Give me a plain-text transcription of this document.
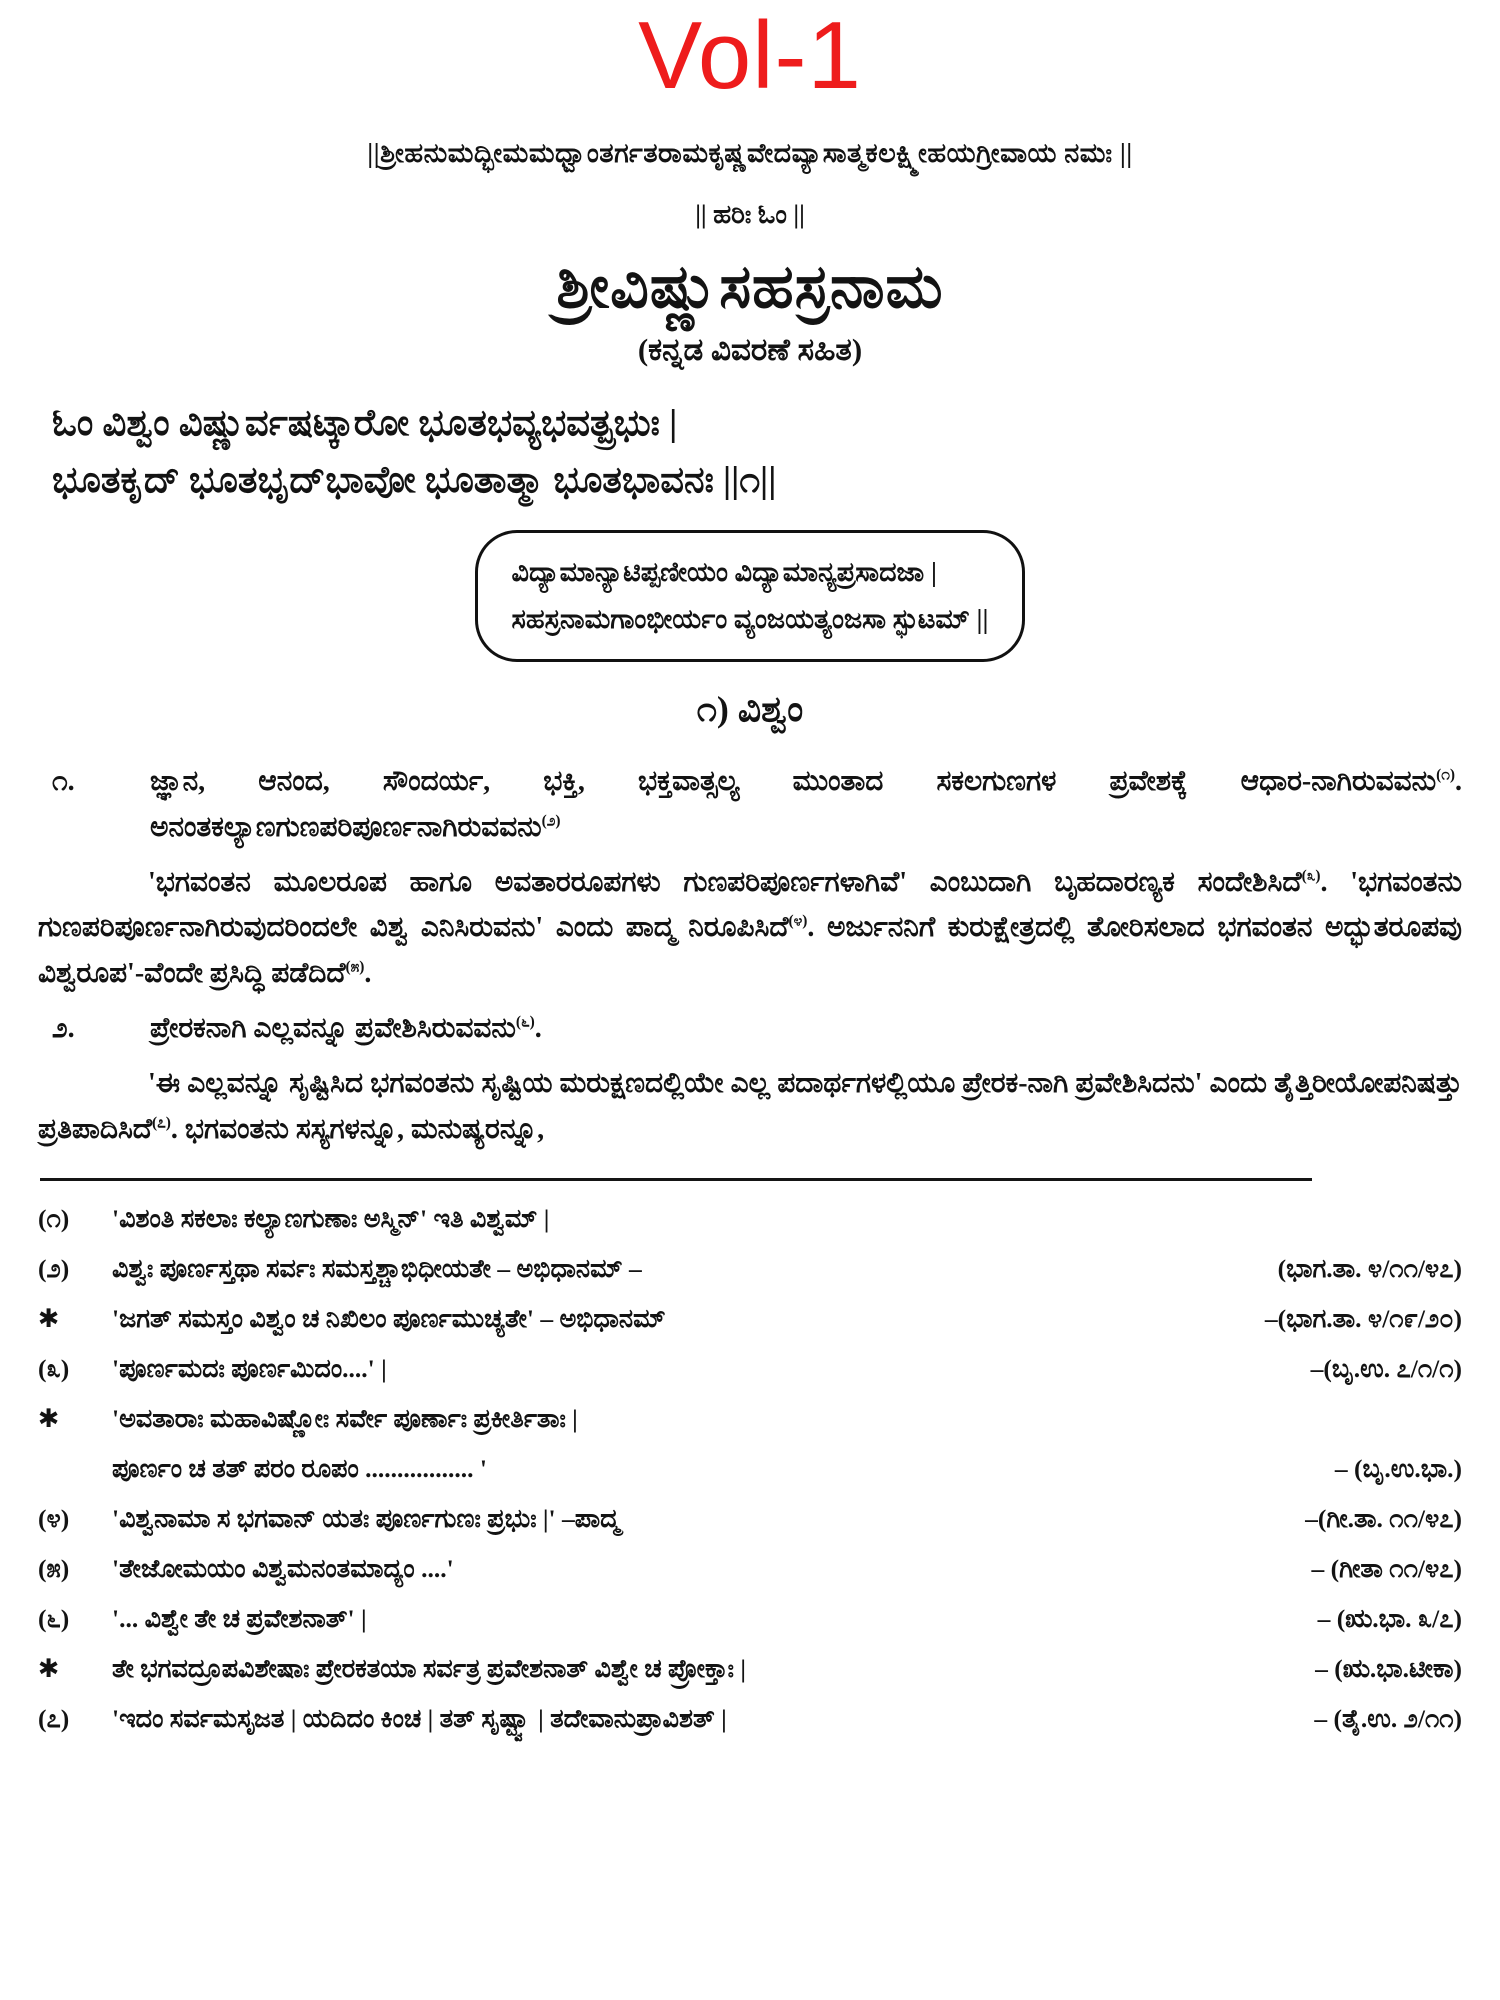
Vol-1
||ಶ್ರೀಹನುಮದ್ಭೀಮಮಧ್ವಾಂತರ್ಗತರಾಮಕೃಷ್ಣವೇದವ್ಯಾಸಾತ್ಮಕಲಕ್ಷ್ಮೀಹಯಗ್ರೀವಾಯ ನಮಃ ||
|| ಹರಿಃ ಓಂ ||
ಶ್ರೀವಿಷ್ಣುಸಹಸ್ರನಾಮ
(ಕನ್ನಡ ವಿವರಣೆ ಸಹಿತ)
ಓಂ ವಿಶ್ವಂ ವಿಷ್ಣುರ್ವಷಟ್ಕಾರೋ ಭೂತಭವ್ಯಭವತ್ಪ್ರಭುಃ |
ಭೂತಕೃದ್ ಭೂತಭೃದ್‌ಭಾವೋ ಭೂತಾತ್ಮಾ ಭೂತಭಾವನಃ ||೧||
ವಿದ್ಯಾಮಾನ್ಯಾಟಿಪ್ಪಣೀಯಂ ವಿದ್ಯಾಮಾನ್ಯಪ್ರಸಾದಜಾ |
ಸಹಸ್ರನಾಮಗಾಂಭೀರ್ಯಂ ವ್ಯಂಜಯತ್ಯಂಜಸಾ ಸ್ಫುಟಮ್ ||
೧) ವಿಶ್ವಂ
೧.	ಜ್ಞಾನ, ಆನಂದ, ಸೌಂದರ್ಯ, ಭಕ್ತಿ, ಭಕ್ತವಾತ್ಸಲ್ಯ ಮುಂತಾದ ಸಕಲಗುಣಗಳ ಪ್ರವೇಶಕ್ಕೆ ಆಧಾರ-ನಾಗಿರುವವನು$^{(೧)}$. ಅನಂತಕಲ್ಯಾಣಗುಣಪರಿಪೂರ್ಣನಾಗಿರುವವನು$^{(೨)}$
'ಭಗವಂತನ ಮೂಲರೂಪ ಹಾಗೂ ಅವತಾರರೂಪಗಳು ಗುಣಪರಿಪೂರ್ಣಗಳಾಗಿವೆ' ಎಂಬುದಾಗಿ ಬೃಹದಾರಣ್ಯಕ ಸಂದೇಶಿಸಿದೆ$^{(೩)}$. 'ಭಗವಂತನು ಗುಣಪರಿಪೂರ್ಣನಾಗಿರುವುದರಿಂದಲೇ ವಿಶ್ವ ಎನಿಸಿರುವನು' ಎಂದು ಪಾದ್ಮ ನಿರೂಪಿಸಿದೆ$^{(೪)}$. ಅರ್ಜುನನಿಗೆ ಕುರುಕ್ಷೇತ್ರದಲ್ಲಿ ತೋರಿಸಲಾದ ಭಗವಂತನ ಅದ್ಭುತರೂಪವು ವಿಶ್ವರೂಪ'-ವೆಂದೇ ಪ್ರಸಿದ್ಧಿ ಪಡೆದಿದೆ$^{(೫)}$.
೨.	ಪ್ರೇರಕನಾಗಿ ಎಲ್ಲವನ್ನೂ ಪ್ರವೇಶಿಸಿರುವವನು$^{(೬)}$.
'ಈ ಎಲ್ಲವನ್ನೂ ಸೃಷ್ಟಿಸಿದ ಭಗವಂತನು ಸೃಷ್ಟಿಯ ಮರುಕ್ಷಣದಲ್ಲಿಯೇ ಎಲ್ಲ ಪದಾರ್ಥಗಳಲ್ಲಿಯೂ ಪ್ರೇರಕ-ನಾಗಿ ಪ್ರವೇಶಿಸಿದನು' ಎಂದು ತೈತ್ತಿರೀಯೋಪನಿಷತ್ತು ಪ್ರತಿಪಾದಿಸಿದೆ$^{(೭)}$. ಭಗವಂತನು ಸಸ್ಯಗಳನ್ನೂ, ಮನುಷ್ಯರನ್ನೂ,
(೧)	'ವಿಶಂತಿ ಸಕಲಾಃ ಕಲ್ಯಾಣಗುಣಾಃ ಅಸ್ಮಿನ್' ಇತಿ ವಿಶ್ವಮ್ |
(೨)	ವಿಶ್ವಃ ಪೂರ್ಣಸ್ತಥಾ ಸರ್ವಃ ಸಮಸ್ತಶ್ಚಾಭಿಧೀಯತೇ – ಅಭಿಧಾನಮ್ –	(ಭಾಗ.ತಾ. ೪/೧೧/೪೭)
✱	'ಜಗತ್ ಸಮಸ್ತಂ ವಿಶ್ವಂ ಚ ನಿಖಿಲಂ ಪೂರ್ಣಮುಚ್ಯತೇ' – ಅಭಿಧಾನಮ್	–(ಭಾಗ.ತಾ. ೪/೧೯/೨೦)
(೩)	'ಪೂರ್ಣಮದಃ ಪೂರ್ಣಮಿದಂ....' |	–(ಬೃ.ಉ. ೭/೧/೧)
✱	'ಅವತಾರಾಃ ಮಹಾವಿಷ್ಣೋಃ ಸರ್ವೇ ಪೂರ್ಣಾಃ ಪ್ರಕೀರ್ತಿತಾಃ |
ಪೂರ್ಣಂ ಚ ತತ್ ಪರಂ ರೂಪಂ ................. '	– (ಬೃ.ಉ.ಭಾ.)
(೪)	'ವಿಶ್ವನಾಮಾ ಸ ಭಗವಾನ್ ಯತಃ ಪೂರ್ಣಗುಣಃ ಪ್ರಭುಃ |' –ಪಾದ್ಮ	–(ಗೀ.ತಾ. ೧೧/೪೭)
(೫)	'ತೇಜೋಮಯಂ ವಿಶ್ವಮನಂತಮಾದ್ಯಂ ....'	– (ಗೀತಾ ೧೧/೪೭)
(೬)	'... ವಿಶ್ವೇ ತೇ ಚ ಪ್ರವೇಶನಾತ್' |	– (ಋ.ಭಾ. ೩/೭)
✱	ತೇ ಭಗವದ್ರೂಪವಿಶೇಷಾಃ ಪ್ರೇರಕತಯಾ ಸರ್ವತ್ರ ಪ್ರವೇಶನಾತ್ ವಿಶ್ವೇ ಚ ಪ್ರೋಕ್ತಾಃ |	– (ಋ.ಭಾ.ಟೀಕಾ)
(೭)	'ಇದಂ ಸರ್ವಮಸೃಜತ | ಯದಿದಂ ಕಿಂಚ | ತತ್ ಸೃಷ್ಟ್ವಾ | ತದೇವಾನುಪ್ರಾವಿಶತ್ |	– (ತೈ.ಉ. ೨/೧೧)
